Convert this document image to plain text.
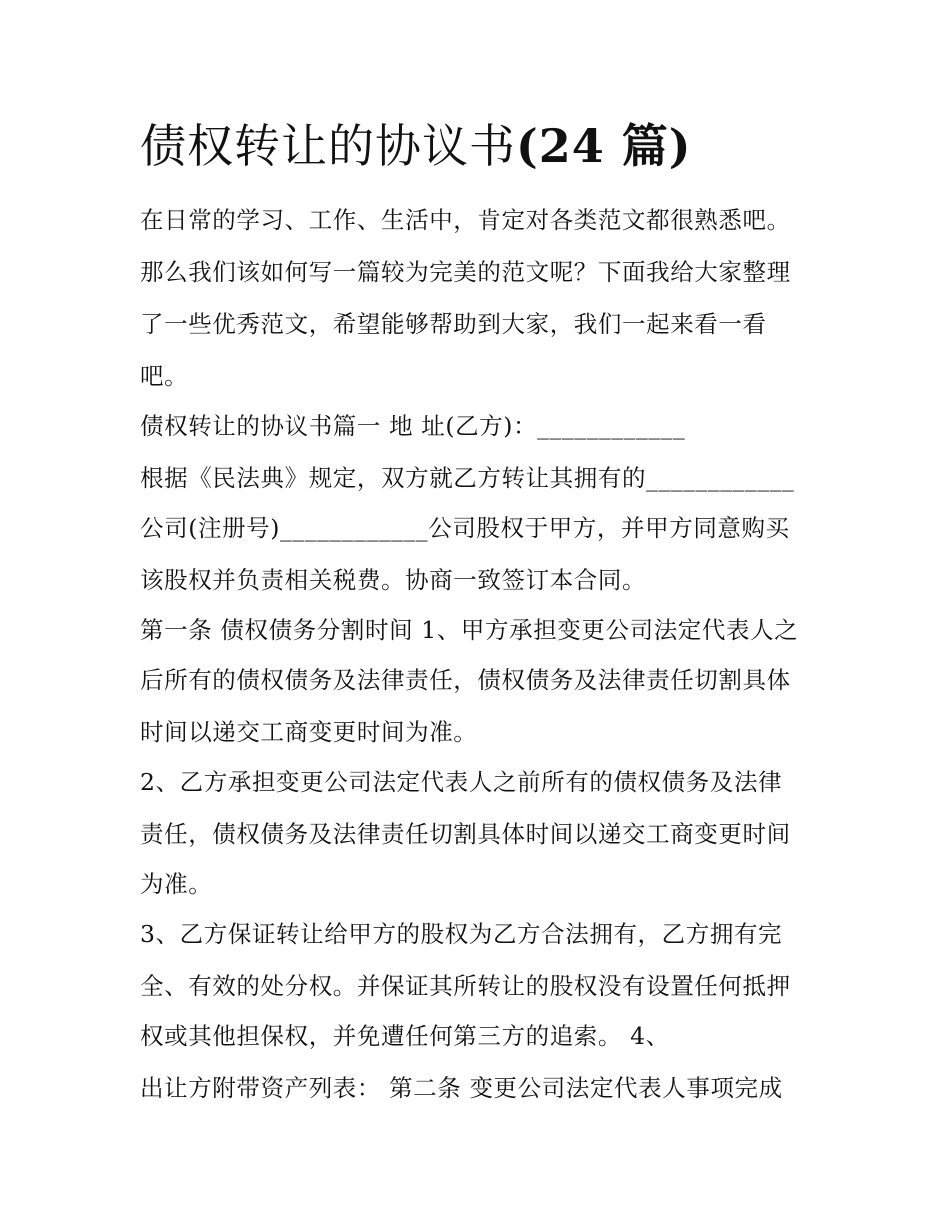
债权转让的协议书(24 篇)
在日常的学习、工作、生活中，肯定对各类范文都很熟悉吧。
那么我们该如何写一篇较为完美的范文呢？下面我给大家整理
了一些优秀范文，希望能够帮助到大家，我们一起来看一看
吧。
债权转让的协议书篇一 地 址(乙方)：____________
根据《民法典》规定，双方就乙方转让其拥有的____________
公司(注册号)____________公司股权于甲方，并甲方同意购买
该股权并负责相关税费。协商一致签订本合同。
第一条 债权债务分割时间 1、甲方承担变更公司法定代表人之
后所有的债权债务及法律责任，债权债务及法律责任切割具体
时间以递交工商变更时间为准。
2、乙方承担变更公司法定代表人之前所有的债权债务及法律
责任，债权债务及法律责任切割具体时间以递交工商变更时间
为准。
3、乙方保证转让给甲方的股权为乙方合法拥有，乙方拥有完
全、有效的处分权。并保证其所转让的股权没有设置任何抵押
权或其他担保权，并免遭任何第三方的追索。 4、
出让方附带资产列表： 第二条 变更公司法定代表人事项完成
